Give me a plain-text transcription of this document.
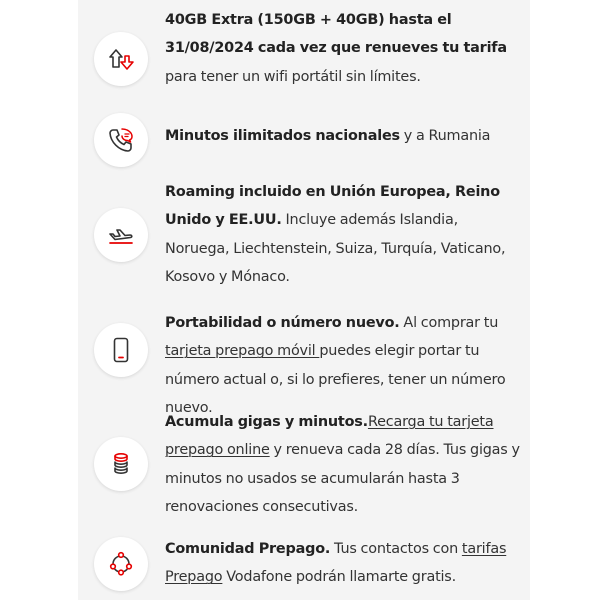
40GB Extra (150GB + 40GB) hasta el 31/08/2024 cada vez que renueves tu tarifa para tener un wifi portátil sin límites.
Minutos ilimitados nacionales y a Rumania
Roaming incluido en Unión Europea, Reino Unido y EE.UU. Incluye además Islandia, Noruega, Liechtenstein, Suiza, Turquía, Vaticano, Kosovo y Mónaco.
Portabilidad o número nuevo. Al comprar tu tarjeta prepago móvil puedes elegir portar tu número actual o, si lo prefieres, tener un número nuevo.
Acumula gigas y minutos.Recarga tu tarjeta prepago online y renueva cada 28 días. Tus gigas y minutos no usados se acumularán hasta 3 renovaciones consecutivas.
Comunidad Prepago. Tus contactos con tarifas Prepago Vodafone podrán llamarte gratis.
